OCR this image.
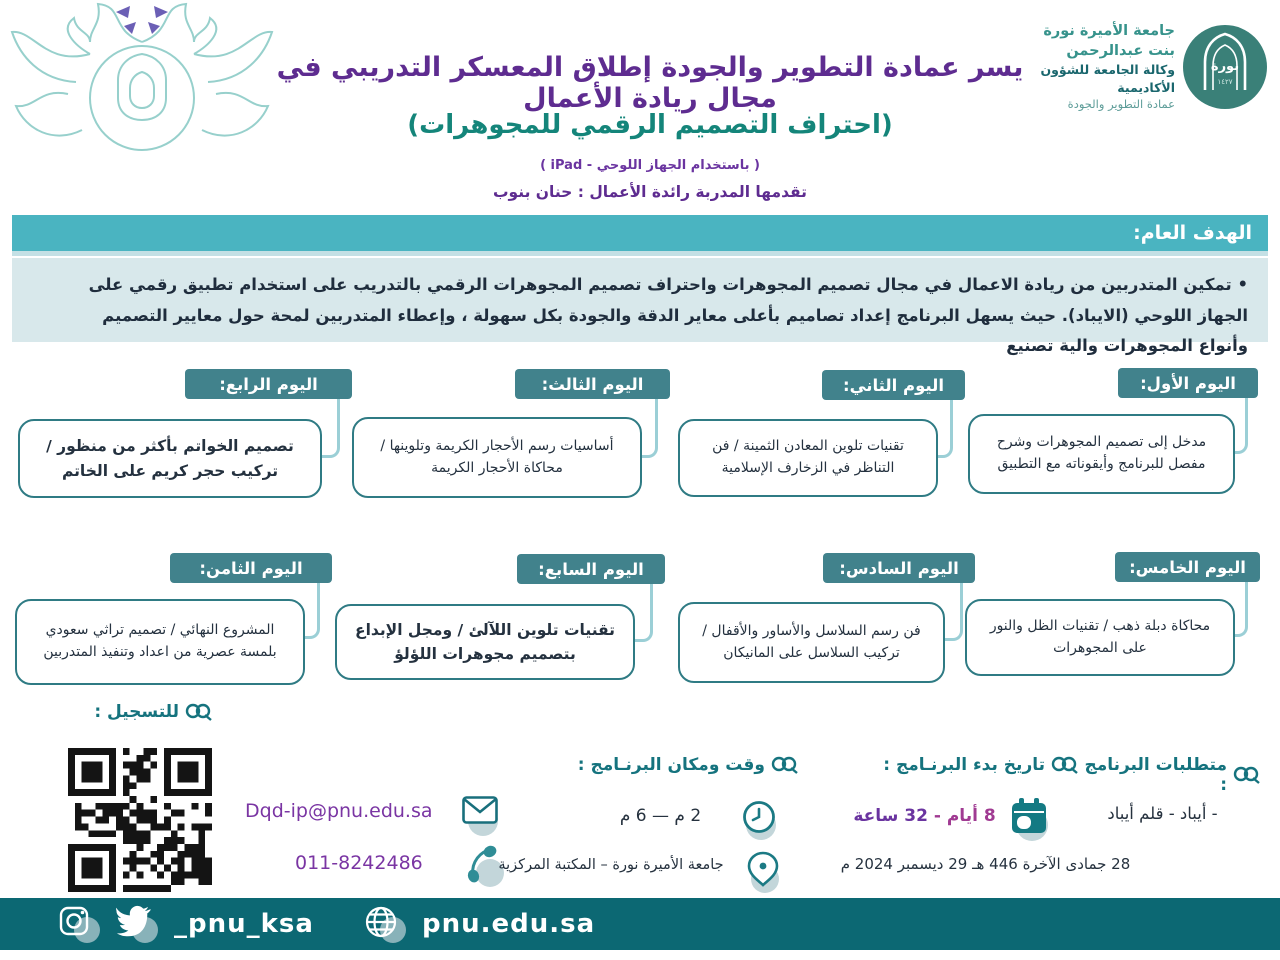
نورة
١٤٢٧
جامعة الأميرة نورة بنت عبدالرحمن
وكالة الجامعة للشؤون الأكاديمية
عمادة التطوير والجودة
يسر عمادة التطوير والجودة إطلاق المعسكر التدريبي في مجال ريادة الأعمال
(احتراف التصميم الرقمي للمجوهرات)
( باستخدام الجهاز اللوحي - iPad )
تقدمها المدربة رائدة الأعمال : حنان بنوب
الهدف العام:
• تمكين المتدربين من ريادة الاعمال في مجال تصميم المجوهرات واحتراف تصميم المجوهرات الرقمي بالتدريب على استخدام تطبيق رقمي على الجهاز اللوحي (الايباد). حيث يسهل البرنامج إعداد تصاميم بأعلى معاير الدقة والجودة بكل سهولة ، وإعطاء المتدربين لمحة حول معايير التصميم وأنواع المجوهرات والية تصنيع
اليوم الأول:
مدخل إلى تصميم المجوهرات وشرح مفصل للبرنامج وأيقوناته مع التطبيق
اليوم الثاني:
تقنيات تلوين المعادن الثمينة / فن التناظر في الزخارف الإسلامية
اليوم الثالث:
أساسيات رسم الأحجار الكريمة وتلوينها / محاكاة الأحجار الكريمة
اليوم الرابع:
تصميم الخواتم بأكثر من منظور / تركيب حجر كريم على الخاتم
اليوم الخامس:
محاكاة دبلة ذهب / تقنيات الظل والنور على المجوهرات
اليوم السادس:
فن رسم السلاسل والأساور والأقفال / تركيب السلاسل على المانيكان
اليوم السابع:
تقنيات تلوين اللآلئ / ومجل الإبداع بتصميم مجوهرات اللؤلؤ
اليوم الثامن:
المشروع النهائي / تصميم تراثي سعودي بلمسة عصرية من اعداد وتنفيذ المتدربين
للتسجيل :
Dqd-ip@pnu.edu.sa
011-8242486
وقت ومكان البرنـامج :
2 م — 6 م
جامعة الأميرة نورة – المكتبة المركزية
تاريخ بدء البرنـامج :
8 أيام - 32 ساعة
28 جمادى الآخرة 446 هـ 29 ديسمبر 2024 م
متطلبات البرنامج :
- أيباد - قلم أيباد
_pnu_ksa	pnu.edu.sa
